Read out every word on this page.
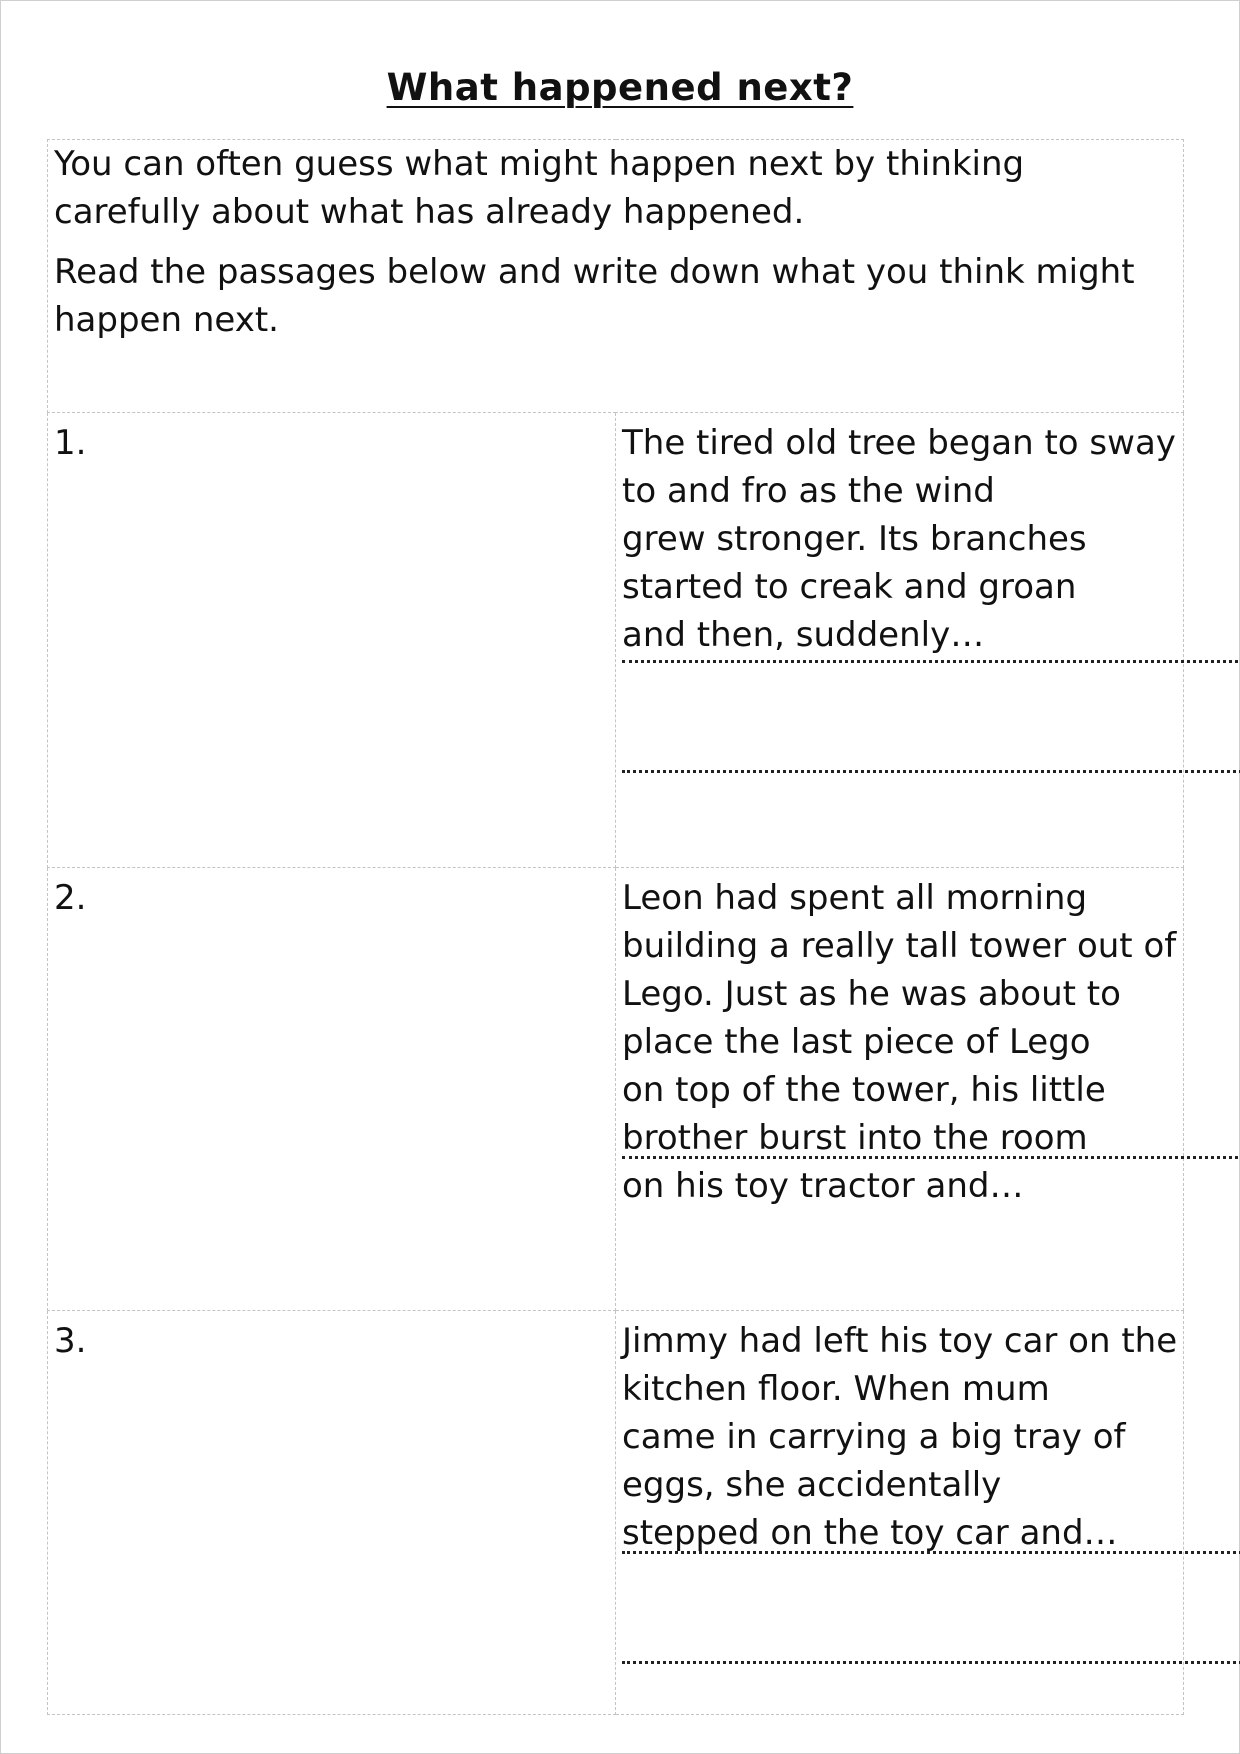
What happened next?

You can often guess what might happen next by thinking

carefully about what has already happened.

Read the passages below and write down what you think might

happen next.	

1.	The tired old tree began to sway to and fro as the wind

grew stronger. Its branches started to creak and groan

and then, suddenly…

2.	Leon had spent all morning building a really tall tower out of

Lego. Just as he was about to place the last piece of Lego

on top of the tower, his little brother burst into the room

on his toy tractor and…

3.	Jimmy had left his toy car on the kitchen floor. When mum

came in carrying a big tray of eggs, she accidentally

stepped on the toy car and…
